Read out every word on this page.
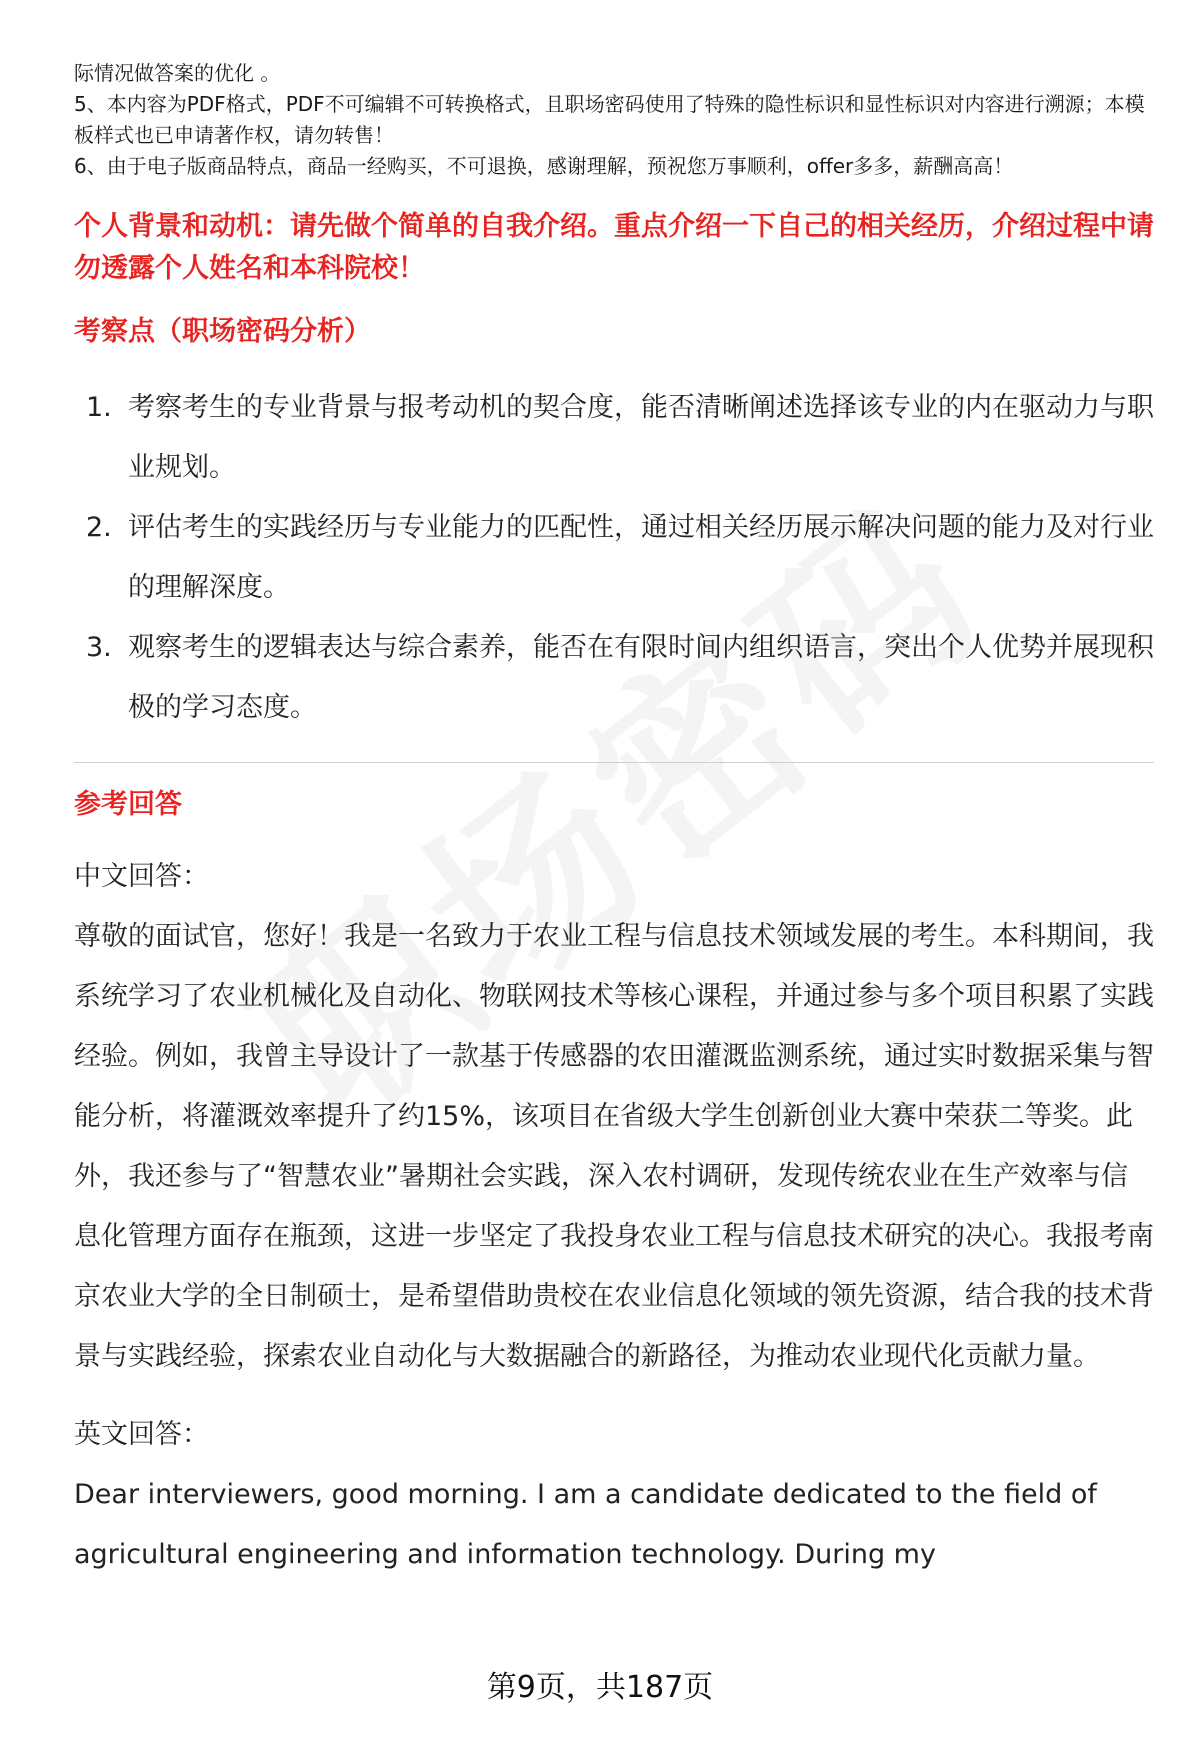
际情况做答案的优化 。

5、本内容为PDF格式，PDF不可编辑不可转换格式，且职场密码使用了特殊的隐性标识和显性标识对内容进行溯源；本模板样式也已申请著作权，请勿转售！

6、由于电子版商品特点，商品一经购买，不可退换，感谢理解，预祝您万事顺利，offer多多，薪酬高高！

个人背景和动机：请先做个简单的自我介绍。重点介绍一下自己的相关经历，介绍过程中请勿透露个人姓名和本科院校！

考察点（职场密码分析）

1. 考察考生的专业背景与报考动机的契合度，能否清晰阐述选择该专业的内在驱动力与职业规划。
2. 评估考生的实践经历与专业能力的匹配性，通过相关经历展示解决问题的能力及对行业的理解深度。
3. 观察考生的逻辑表达与综合素养，能否在有限时间内组织语言，突出个人优势并展现积极的学习态度。

参考回答

中文回答：

尊敬的面试官，您好！我是一名致力于农业工程与信息技术领域发展的考生。本科期间，我系统学习了农业机械化及自动化、物联网技术等核心课程，并通过参与多个项目积累了实践经验。例如，我曾主导设计了一款基于传感器的农田灌溉监测系统，通过实时数据采集与智能分析，将灌溉效率提升了约15%，该项目在省级大学生创新创业大赛中荣获二等奖。此外，我还参与了“智慧农业”暑期社会实践，深入农村调研，发现传统农业在生产效率与信息化管理方面存在瓶颈，这进一步坚定了我投身农业工程与信息技术研究的决心。我报考南京农业大学的全日制硕士，是希望借助贵校在农业信息化领域的领先资源，结合我的技术背景与实践经验，探索农业自动化与大数据融合的新路径，为推动农业现代化贡献力量。

英文回答：

Dear interviewers, good morning. I am a candidate dedicated to the field of agricultural engineering and information technology. During my

第9页，共187页
